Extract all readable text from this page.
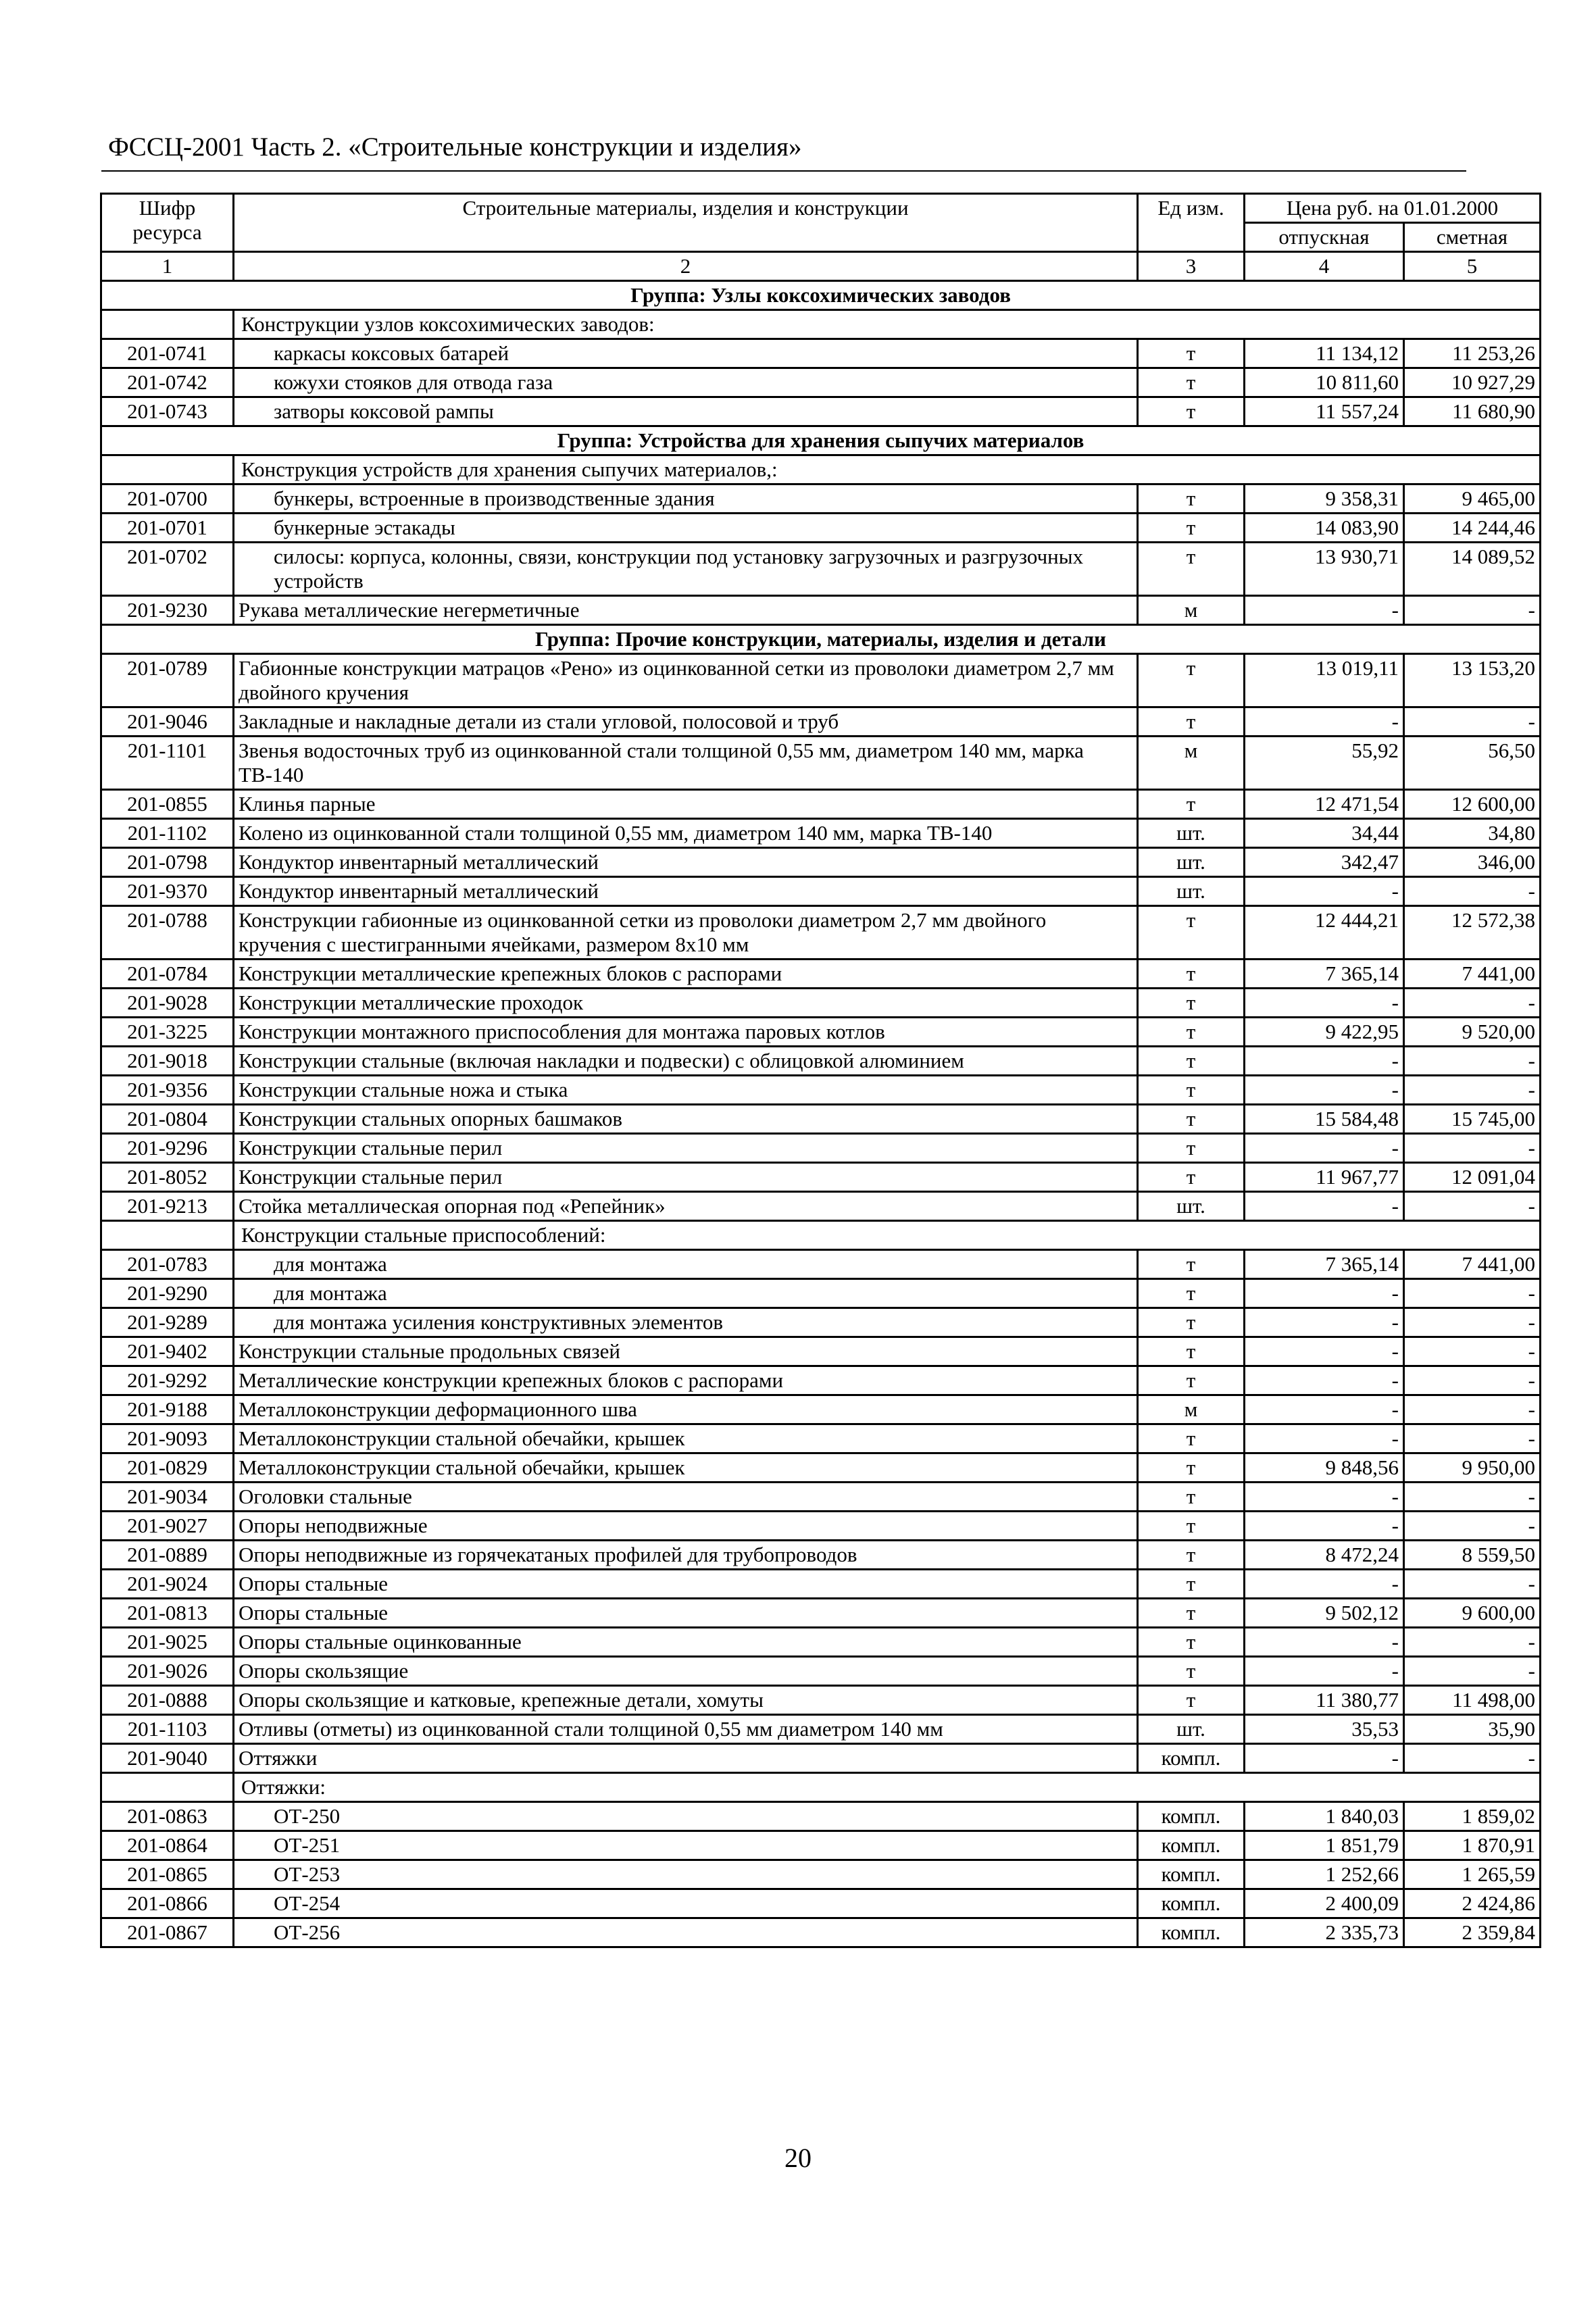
ФССЦ-2001 Часть 2. «Строительные конструкции и изделия»
Шифр ресурса	Строительные материалы, изделия и конструкции	Ед изм.	Цена руб. на 01.01.2000	
			отпускная	сметная
1	2	3	4	5
Группа: Узлы коксохимических заводов				
	Конструкции узлов коксохимических заводов:			
201-0741	каркасы коксовых батарей	т	11 134,12	11 253,26
201-0742	кожухи стояков для отвода газа	т	10 811,60	10 927,29
201-0743	затворы коксовой рампы	т	11 557,24	11 680,90
Группа: Устройства для хранения сыпучих материалов				
	Конструкция устройств для хранения сыпучих материалов,:			
201-0700	бункеры, встроенные в производственные здания	т	9 358,31	9 465,00
201-0701	бункерные эстакады	т	14 083,90	14 244,46
201-0702	силосы: корпуса, колонны, связи, конструкции под установку загрузочных и разгрузочных устройств	т	13 930,71	14 089,52
201-9230	Рукава металлические негерметичные	м	-	-
Группа: Прочие конструкции, материалы, изделия и детали				
201-0789	Габионные конструкции матрацов «Рено» из оцинкованной сетки из проволоки диаметром 2,7 мм двойного кручения	т	13 019,11	13 153,20
201-9046	Закладные и накладные детали из стали угловой, полосовой и труб	т	-	-
201-1101	Звенья водосточных труб из оцинкованной стали толщиной 0,55 мм, диаметром 140 мм, марка ТВ-140	м	55,92	56,50
201-0855	Клинья парные	т	12 471,54	12 600,00
201-1102	Колено из оцинкованной стали толщиной 0,55 мм, диаметром 140 мм, марка ТВ-140	шт.	34,44	34,80
201-0798	Кондуктор инвентарный металлический	шт.	342,47	346,00
201-9370	Кондуктор инвентарный металлический	шт.	-	-
201-0788	Конструкции габионные из оцинкованной сетки из проволоки диаметром 2,7 мм двойного кручения с шестигранными ячейками, размером 8х10 мм	т	12 444,21	12 572,38
201-0784	Конструкции металлические крепежных блоков с распорами	т	7 365,14	7 441,00
201-9028	Конструкции металлические проходок	т	-	-
201-3225	Конструкции монтажного приспособления для монтажа паровых котлов	т	9 422,95	9 520,00
201-9018	Конструкции стальные (включая накладки и подвески) с облицовкой алюминием	т	-	-
201-9356	Конструкции стальные ножа и стыка	т	-	-
201-0804	Конструкции стальных опорных башмаков	т	15 584,48	15 745,00
201-9296	Конструкции стальные перил	т	-	-
201-8052	Конструкции стальные перил	т	11 967,77	12 091,04
201-9213	Стойка металлическая опорная под «Репейник»	шт.	-	-
	Конструкции стальные приспособлений:			
201-0783	для монтажа	т	7 365,14	7 441,00
201-9290	для монтажа	т	-	-
201-9289	для монтажа усиления конструктивных элементов	т	-	-
201-9402	Конструкции стальные продольных связей	т	-	-
201-9292	Металлические конструкции крепежных блоков с распорами	т	-	-
201-9188	Металлоконструкции деформационного шва	м	-	-
201-9093	Металлоконструкции стальной обечайки, крышек	т	-	-
201-0829	Металлоконструкции стальной обечайки, крышек	т	9 848,56	9 950,00
201-9034	Оголовки стальные	т	-	-
201-9027	Опоры неподвижные	т	-	-
201-0889	Опоры неподвижные из горячекатаных профилей для трубопроводов	т	8 472,24	8 559,50
201-9024	Опоры стальные	т	-	-
201-0813	Опоры стальные	т	9 502,12	9 600,00
201-9025	Опоры стальные оцинкованные	т	-	-
201-9026	Опоры скользящие	т	-	-
201-0888	Опоры скользящие и катковые, крепежные детали, хомуты	т	11 380,77	11 498,00
201-1103	Отливы (отметы) из оцинкованной стали толщиной 0,55 мм диаметром 140 мм	шт.	35,53	35,90
201-9040	Оттяжки	компл.	-	-
	Оттяжки:			
201-0863	ОТ-250	компл.	1 840,03	1 859,02
201-0864	ОТ-251	компл.	1 851,79	1 870,91
201-0865	ОТ-253	компл.	1 252,66	1 265,59
201-0866	ОТ-254	компл.	2 400,09	2 424,86
201-0867	ОТ-256	компл.	2 335,73	2 359,84
20
